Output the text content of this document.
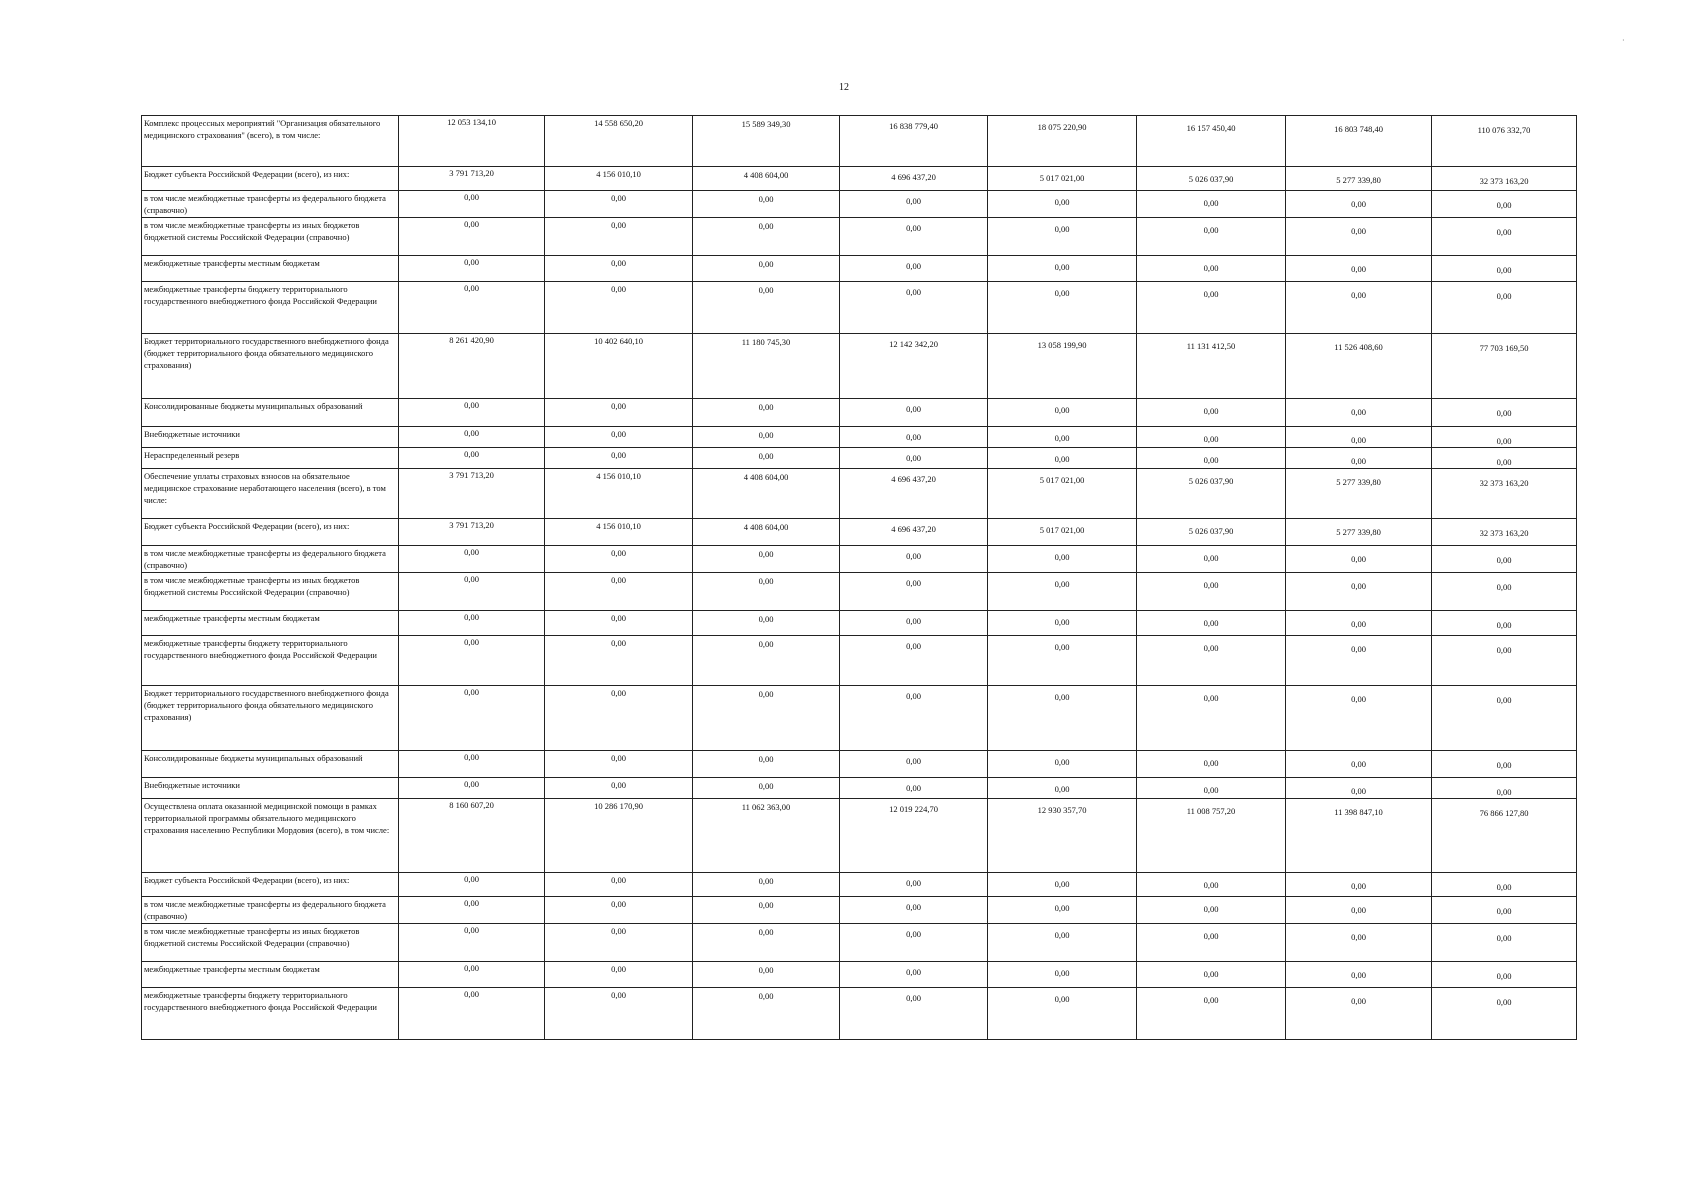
12
·
Комплекс процессных мероприятий "Организация обязательного медицинского страхования" (всего), в том числе:	12 053 134,10	14 558 650,20	15 589 349,30	16 838 779,40	18 075 220,90	16 157 450,40	16 803 748,40	110 076 332,70

Бюджет субъекта Российской Федерации (всего), из них:	3 791 713,20	4 156 010,10	4 408 604,00	4 696 437,20	5 017 021,00	5 026 037,90	5 277 339,80	32 373 163,20

в том числе межбюджетные трансферты из федерального бюджета (справочно)	0,00	0,00	0,00	0,00	0,00	0,00	0,00	0,00

в том числе межбюджетные трансферты из иных бюджетов бюджетной системы Российской Федерации (справочно)	0,00	0,00	0,00	0,00	0,00	0,00	0,00	0,00

межбюджетные трансферты местным бюджетам	0,00	0,00	0,00	0,00	0,00	0,00	0,00	0,00

межбюджетные трансферты бюджету территориального государственного внебюджетного фонда Российской Федерации	0,00	0,00	0,00	0,00	0,00	0,00	0,00	0,00

Бюджет территориального государственного внебюджетного фонда (бюджет территориального фонда обязательного медицинского страхования)	8 261 420,90	10 402 640,10	11 180 745,30	12 142 342,20	13 058 199,90	11 131 412,50	11 526 408,60	77 703 169,50

Консолидированные бюджеты муниципальных образований	0,00	0,00	0,00	0,00	0,00	0,00	0,00	0,00

Внебюджетные источники	0,00	0,00	0,00	0,00	0,00	0,00	0,00	0,00

Нераспределенный резерв	0,00	0,00	0,00	0,00	0,00	0,00	0,00	0,00

Обеспечение уплаты страховых взносов на обязательное медицинское страхование неработающего населения (всего), в том числе:	3 791 713,20	4 156 010,10	4 408 604,00	4 696 437,20	5 017 021,00	5 026 037,90	5 277 339,80	32 373 163,20

Бюджет субъекта Российской Федерации (всего), из них:	3 791 713,20	4 156 010,10	4 408 604,00	4 696 437,20	5 017 021,00	5 026 037,90	5 277 339,80	32 373 163,20

в том числе межбюджетные трансферты из федерального бюджета (справочно)	0,00	0,00	0,00	0,00	0,00	0,00	0,00	0,00

в том числе межбюджетные трансферты из иных бюджетов бюджетной системы Российской Федерации (справочно)	0,00	0,00	0,00	0,00	0,00	0,00	0,00	0,00

межбюджетные трансферты местным бюджетам	0,00	0,00	0,00	0,00	0,00	0,00	0,00	0,00

межбюджетные трансферты бюджету территориального государственного внебюджетного фонда Российской Федерации	0,00	0,00	0,00	0,00	0,00	0,00	0,00	0,00

Бюджет территориального государственного внебюджетного фонда (бюджет территориального фонда обязательного медицинского страхования)	0,00	0,00	0,00	0,00	0,00	0,00	0,00	0,00

Консолидированные бюджеты муниципальных образований	0,00	0,00	0,00	0,00	0,00	0,00	0,00	0,00

Внебюджетные источники	0,00	0,00	0,00	0,00	0,00	0,00	0,00	0,00

Осуществлена оплата оказанной медицинской помощи в рамках территориальной программы обязательного медицинского страхования населению Республики Мордовия (всего), в том числе:	8 160 607,20	10 286 170,90	11 062 363,00	12 019 224,70	12 930 357,70	11 008 757,20	11 398 847,10	76 866 127,80

Бюджет субъекта Российской Федерации (всего), из них:	0,00	0,00	0,00	0,00	0,00	0,00	0,00	0,00

в том числе межбюджетные трансферты из федерального бюджета (справочно)	0,00	0,00	0,00	0,00	0,00	0,00	0,00	0,00

в том числе межбюджетные трансферты из иных бюджетов бюджетной системы Российской Федерации (справочно)	0,00	0,00	0,00	0,00	0,00	0,00	0,00	0,00

межбюджетные трансферты местным бюджетам	0,00	0,00	0,00	0,00	0,00	0,00	0,00	0,00

межбюджетные трансферты бюджету территориального государственного внебюджетного фонда Российской Федерации	0,00	0,00	0,00	0,00	0,00	0,00	0,00	0,00
